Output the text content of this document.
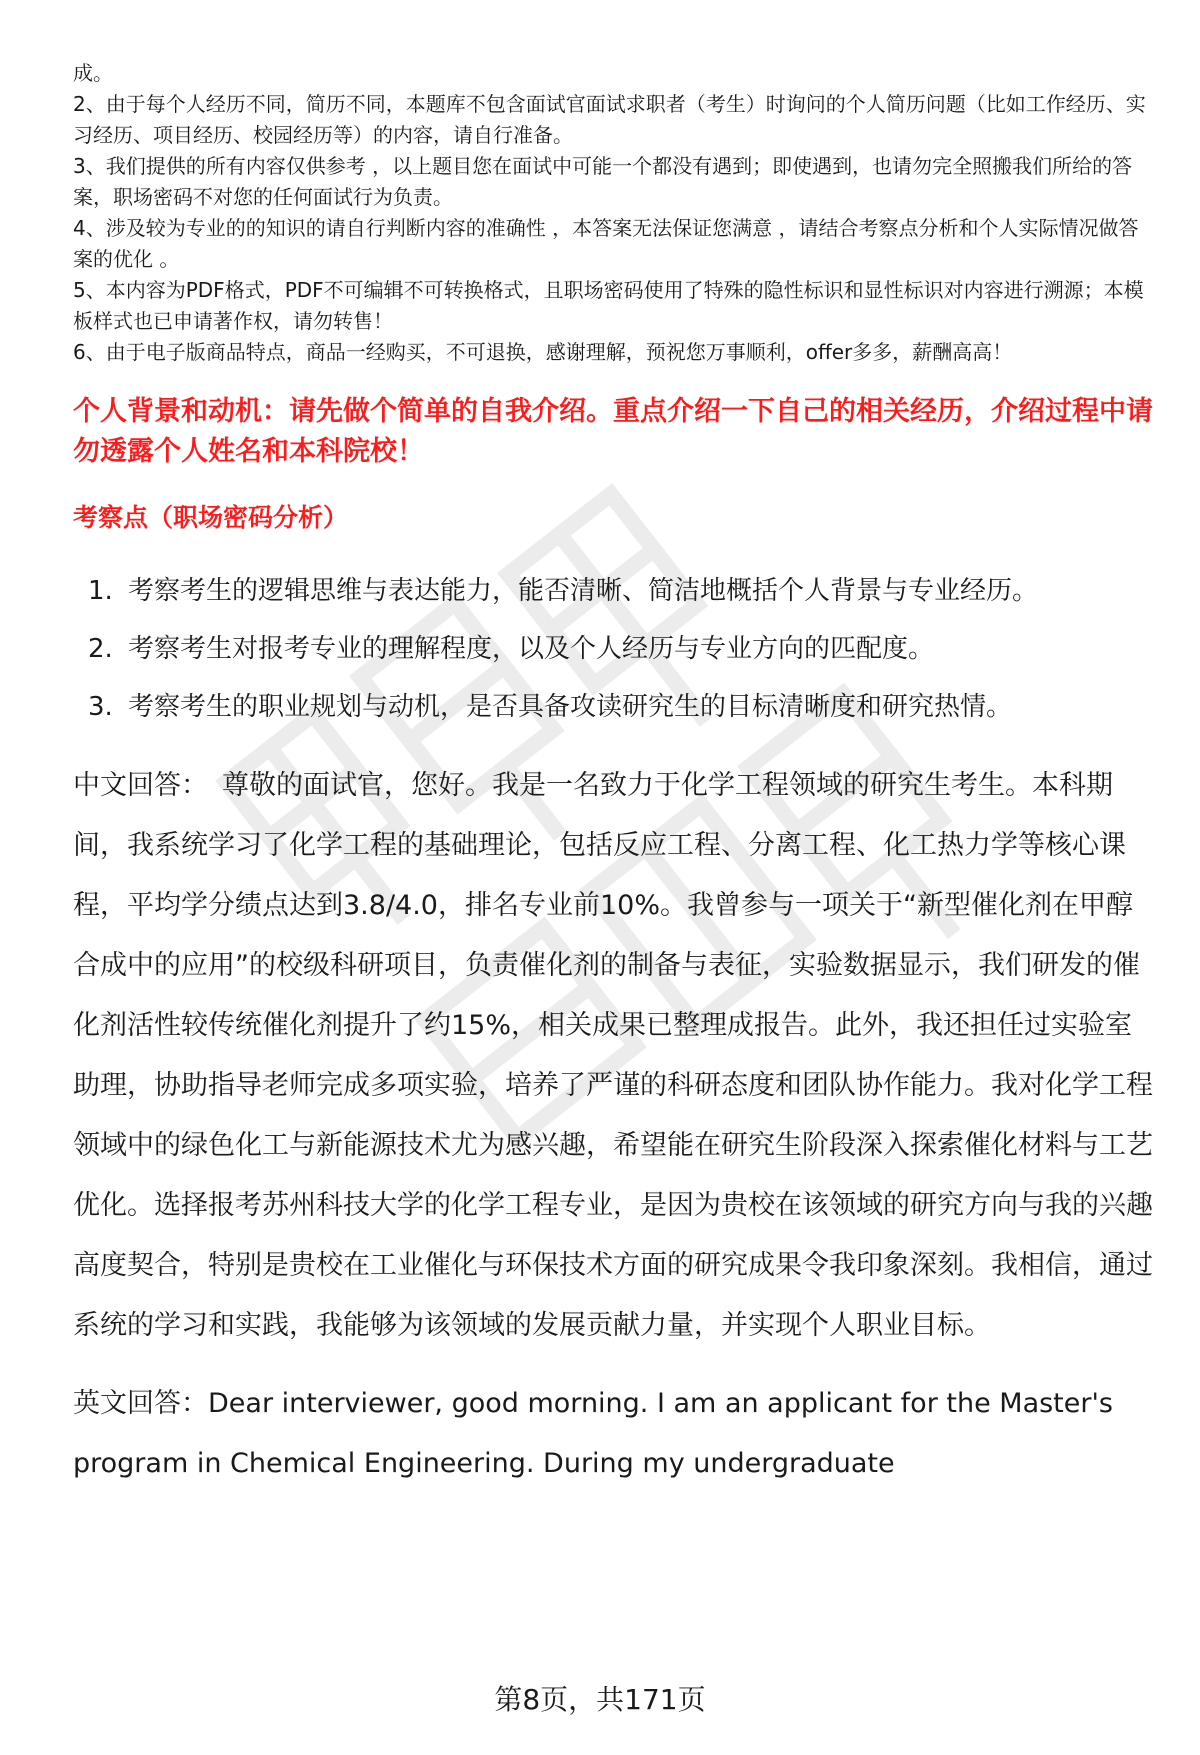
成。

2、由于每个人经历不同，简历不同，本题库不包含面试官面试求职者（考生）时询问的个人简历问题（比如工作经历、实习经历、项目经历、校园经历等）的内容，请自行准备。

3、我们提供的所有内容仅供参考 ，以上题目您在面试中可能一个都没有遇到；即使遇到，也请勿完全照搬我们所给的答案，职场密码不对您的任何面试行为负责。

4、涉及较为专业的的知识的请自行判断内容的准确性 ，本答案无法保证您满意 ，请结合考察点分析和个人实际情况做答案的优化 。

5、本内容为PDF格式，PDF不可编辑不可转换格式，且职场密码使用了特殊的隐性标识和显性标识对内容进行溯源；本模板样式也已申请著作权，请勿转售！

6、由于电子版商品特点，商品一经购买，不可退换，感谢理解，预祝您万事顺利，offer多多，薪酬高高！

个人背景和动机：请先做个简单的自我介绍。重点介绍一下自己的相关经历，介绍过程中请勿透露个人姓名和本科院校！
考察点（职场密码分析）
1. 考察考生的逻辑思维与表达能力，能否清晰、简洁地概括个人背景与专业经历。
2. 考察考生对报考专业的理解程度，以及个人经历与专业方向的匹配度。
3. 考察考生的职业规划与动机，是否具备攻读研究生的目标清晰度和研究热情。
中文回答： 尊敬的面试官，您好。我是一名致力于化学工程领域的研究生考生。本科期间，我系统学习了化学工程的基础理论，包括反应工程、分离工程、化工热力学等核心课程，平均学分绩点达到3.8/4.0，排名专业前10%。我曾参与一项关于“新型催化剂在甲醇合成中的应用”的校级科研项目，负责催化剂的制备与表征，实验数据显示，我们研发的催化剂活性较传统催化剂提升了约15%，相关成果已整理成报告。此外，我还担任过实验室助理，协助指导老师完成多项实验，培养了严谨的科研态度和团队协作能力。我对化学工程领域中的绿色化工与新能源技术尤为感兴趣，希望能在研究生阶段深入探索催化材料与工艺优化。选择报考苏州科技大学的化学工程专业，是因为贵校在该领域的研究方向与我的兴趣高度契合，特别是贵校在工业催化与环保技术方面的研究成果令我印象深刻。我相信，通过系统的学习和实践，我能够为该领域的发展贡献力量，并实现个人职业目标。
英文回答：Dear interviewer, good morning. I am an applicant for the Master's program in Chemical Engineering. During my undergraduate
第8页，共171页
